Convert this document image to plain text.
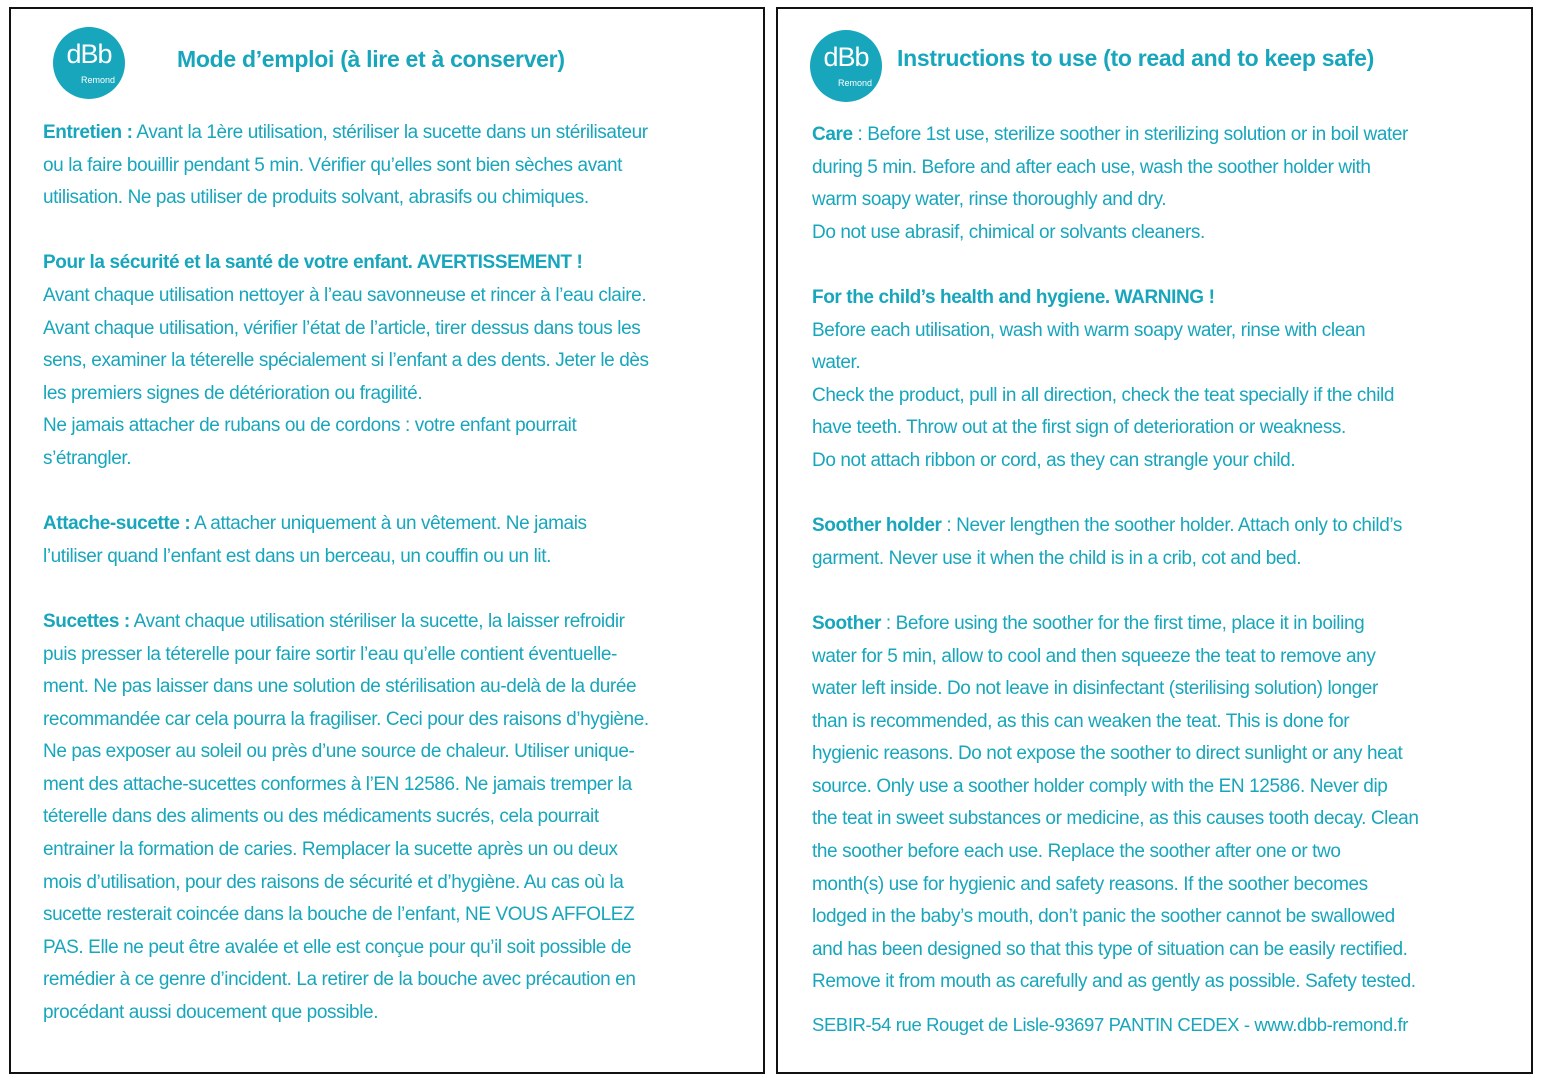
dBb
Remond
Mode d’emploi (à lire et à conserver)
Entretien : Avant la 1ère utilisation, stériliser la sucette dans un stérilisateur
ou la faire bouillir pendant 5 min. Vérifier qu’elles sont bien sèches avant
utilisation. Ne pas utiliser de produits solvant, abrasifs ou chimiques.
Pour la sécurité et la santé de votre enfant. AVERTISSEMENT !
Avant chaque utilisation nettoyer à l’eau savonneuse et rincer à l’eau claire.
Avant chaque utilisation, vérifier l’état de l’article, tirer dessus dans tous les
sens, examiner la téterelle spécialement si l’enfant a des dents. Jeter le dès
les premiers signes de détérioration ou fragilité.
Ne jamais attacher de rubans ou de cordons : votre enfant pourrait
s’étrangler.
Attache-sucette : A attacher uniquement à un vêtement. Ne jamais
l’utiliser quand l’enfant est dans un berceau, un couffin ou un lit.
Sucettes : Avant chaque utilisation stériliser la sucette, la laisser refroidir
puis presser la téterelle pour faire sortir l’eau qu’elle contient éventuelle-
ment. Ne pas laisser dans une solution de stérilisation au-delà de la durée
recommandée car cela pourra la fragiliser. Ceci pour des raisons d’hygiène.
Ne pas exposer au soleil ou près d’une source de chaleur. Utiliser unique-
ment des attache-sucettes conformes à l’EN 12586. Ne jamais tremper la
téterelle dans des aliments ou des médicaments sucrés, cela pourrait
entrainer la formation de caries. Remplacer la sucette après un ou deux
mois d’utilisation, pour des raisons de sécurité et d’hygiène. Au cas où la
sucette resterait coincée dans la bouche de l’enfant, NE VOUS AFFOLEZ
PAS. Elle ne peut être avalée et elle est conçue pour qu’il soit possible de
remédier à ce genre d’incident. La retirer de la bouche avec précaution en
procédant aussi doucement que possible.
dBb
Remond
Instructions to use (to read and to keep safe)
Care : Before 1st use, sterilize soother in sterilizing solution or in boil water
during 5 min. Before and after each use, wash the soother holder with
warm soapy water, rinse thoroughly and dry.
Do not use abrasif, chimical or solvants cleaners.
For the child’s health and hygiene. WARNING !
Before each utilisation, wash with warm soapy water, rinse with clean
water.
Check the product, pull in all direction, check the teat specially if the child
have teeth. Throw out at the first sign of deterioration or weakness.
Do not attach ribbon or cord, as they can strangle your child.
Soother holder : Never lengthen the soother holder. Attach only to child’s
garment. Never use it when the child is in a crib, cot and bed.
Soother : Before using the soother for the first time, place it in boiling
water for 5 min, allow to cool and then squeeze the teat to remove any
water left inside. Do not leave in disinfectant (sterilising solution) longer
than is recommended, as this can weaken the teat. This is done for
hygienic reasons. Do not expose the soother to direct sunlight or any heat
source. Only use a soother holder comply with the EN 12586. Never dip
the teat in sweet substances or medicine, as this causes tooth decay. Clean
the soother before each use. Replace the soother after one or two
month(s) use for hygienic and safety reasons. If the soother becomes
lodged in the baby’s mouth, don’t panic the soother cannot be swallowed
and has been designed so that this type of situation can be easily rectified.
Remove it from mouth as carefully and as gently as possible. Safety tested.
SEBIR-54 rue Rouget de Lisle-93697 PANTIN CEDEX - www.dbb-remond.fr
